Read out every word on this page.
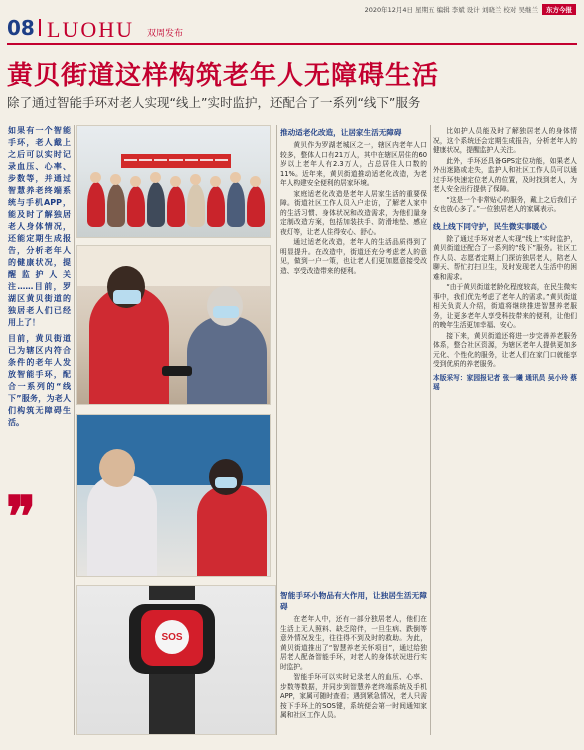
2020年12月4日 星期五 编辑 李斌 设计 刘晓兰 校对 吴继兰	东方今报
08 LUOHU 双周发布
黄贝街道这样构筑老年人无障碍生活
除了通过智能手环对老人实现“线上”实时监护，还配合了一系列“线下”服务
如果有一个智能手环，老人戴上之后可以实时记录血压、心率、步数等，并通过智慧养老终端系统与手机APP，能及时了解独居老人身体情况，还能定期生成报告，分析老年人的健康状况，提醒监护人关注……目前，罗湖区黄贝街道的独居老人们已经用上了！
目前，黄贝街道已为辖区内符合条件的老年人发放智能手环，配合一系列的“线下”服务，为老人们构筑无障碍生活。
❞
SOS
推动适老化改造，让居家生活无障碍

黄贝作为罗湖老城区之一，辖区内老年人口较多，整体人口有21万人，其中在辖区居住的60岁以上老年人有2.3万人，占总居住人口数的11%。近年来，黄贝街道推动适老化改造，为老年人构建安全便利的居家环境。

家庭适老化改造是老年人居家生活的重要保障。街道社区工作人员入户走访，了解老人家中的生活习惯、身体状况和改造需求，为他们量身定制改造方案，包括加装扶手、防滑地垫、感应夜灯等，让老人住得安心、舒心。

通过适老化改造，老年人的生活品质得到了明显提升。在改造中，街道还充分考虑老人的意见，做到一户一策，也让老人们更加愿意接受改造、享受改造带来的便利。

智能手环小物品有大作用，让独居生活无障碍

在老年人中，还有一部分独居老人，他们在生活上无人照料、缺乏陪伴，一旦生病、跌倒等意外情况发生，往往得不到及时的救助。为此，黄贝街道推出了“智慧养老关怀项目”，通过给独居老人配备智能手环，对老人的身体状况进行实时监护。

智能手环可以实时记录老人的血压、心率、步数等数据，并同步到智慧养老终端系统及手机APP，家属可随时查看；遇到紧急情况，老人只需按下手环上的SOS键，系统便会第一时间通知家属和社区工作人员。

比如护人员能及时了解独居老人的身体情况，这个系统还会定期生成报告，分析老年人的健康状况，提醒监护人关注。

此外，手环还具备GPS定位功能，如果老人外出迷路或走失，监护人和社区工作人员可以通过手环快速定位老人的位置，及时找到老人，为老人安全出行提供了保障。

“这是一个非常贴心的服务，戴上之后我们子女也放心多了。”一位独居老人的家属表示。

线上线下同守护，民生微实事暖心

除了通过手环对老人实现“线上”实时监护，黄贝街道还配合了一系列的“线下”服务。社区工作人员、志愿者定期上门探访独居老人，陪老人聊天、帮忙打扫卫生，及时发现老人生活中的困难和需求。

“由于黄贝街道老龄化程度较高，在民生微实事中，我们优先考虑了老年人的需求。”黄贝街道相关负责人介绍，街道将继续推进智慧养老服务，让更多老年人享受科技带来的便利，让他们的晚年生活更加幸福、安心。

接下来，黄贝街道还将进一步完善养老服务体系，整合社区资源，为辖区老年人提供更加多元化、个性化的服务，让老人们在家门口就能享受到优质的养老服务。

本版采写：家园报记者 张一曦 通讯员 吴小玲 蔡瑶
